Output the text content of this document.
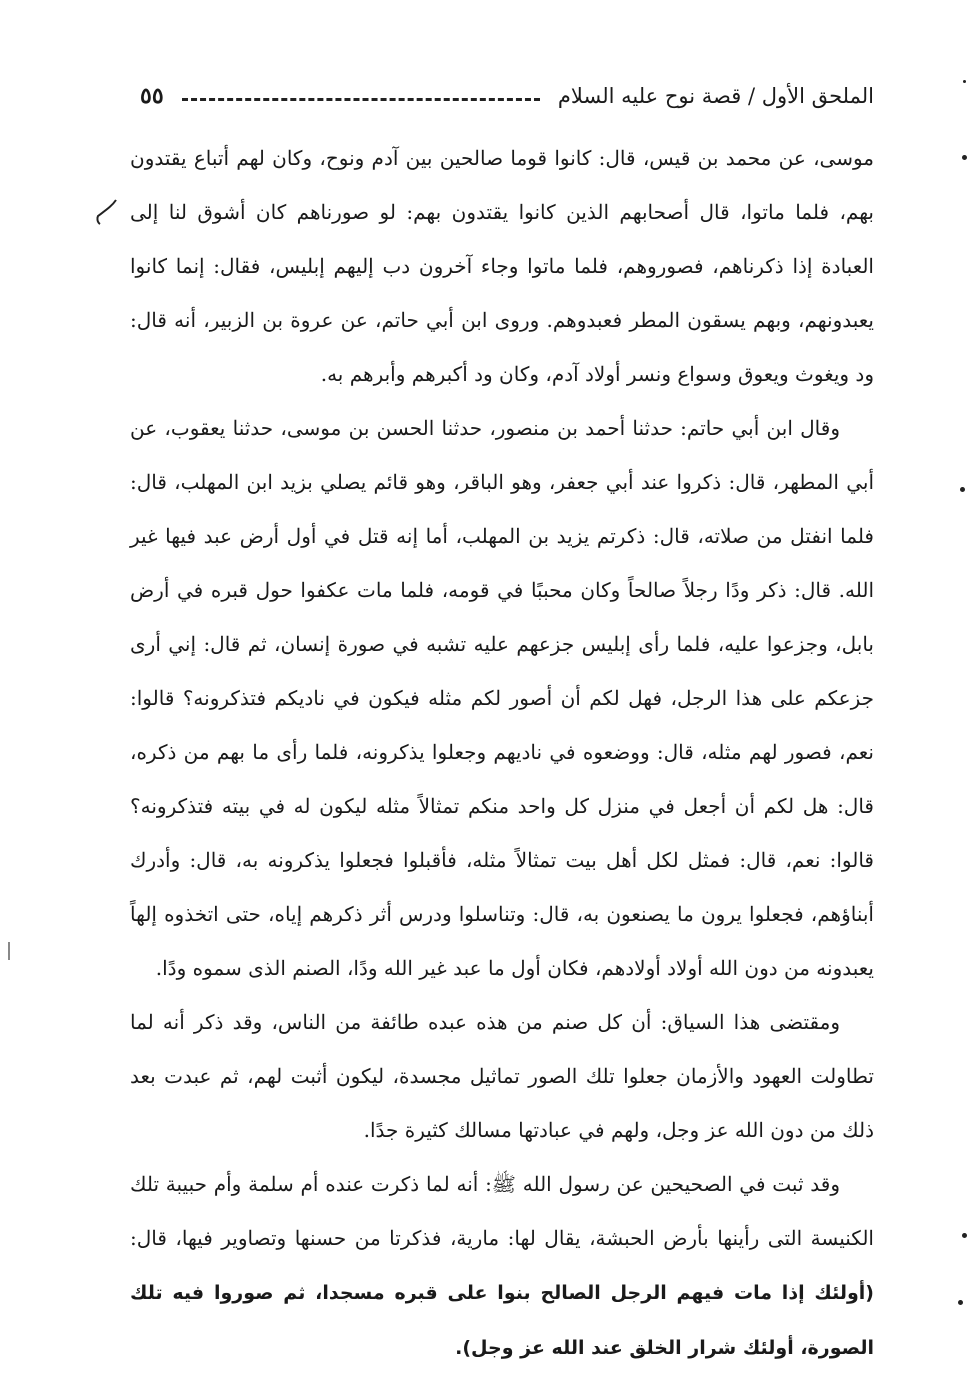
الملحق الأول / قصة نوح عليه السلام
٥٥

موسى، عن محمد بن قيس، قال: كانوا قوما صالحين بين آدم ونوح، وكان لهم أتباع يقتدون بهم، فلما ماتوا، قال أصحابهم الذين كانوا يقتدون بهم: لو صورناهم كان أشوق لنا إلى العبادة إذا ذكرناهم، فصوروهم، فلما ماتوا وجاء آخرون دب إليهم إبليس، فقال: إنما كانوا يعبدونهم، وبهم يسقون المطر فعبدوهم. وروى ابن أبي حاتم، عن عروة بن الزبير، أنه قال: ود ويغوث ويعوق وسواع ونسر أولاد آدم، وكان ود أكبرهم وأبرهم به.

وقال ابن أبي حاتم: حدثنا أحمد بن منصور، حدثنا الحسن بن موسى، حدثنا يعقوب، عن أبي المطهر، قال: ذكروا عند أبي جعفر، وهو الباقر، وهو قائم يصلي بزيد ابن المهلب، قال: فلما انفتل من صلاته، قال: ذكرتم يزيد بن المهلب، أما إنه قتل في أول أرض عبد فيها غير الله. قال: ذكر ودًا رجلاً صالحاً وكان محببًا في قومه، فلما مات عكفوا حول قبره في أرض بابل، وجزعوا عليه، فلما رأى إبليس جزعهم عليه تشبه في صورة إنسان، ثم قال: إني أرى جزعكم على هذا الرجل، فهل لكم أن أصور لكم مثله فيكون في ناديكم فتذكرونه؟ قالوا: نعم، فصور لهم مثله، قال: ووضعوه في ناديهم وجعلوا يذكرونه، فلما رأى ما بهم من ذكره، قال: هل لكم أن أجعل في منزل كل واحد منكم تمثالاً مثله ليكون له في بيته فتذكرونه؟ قالوا: نعم، قال: فمثل لكل أهل بيت تمثالاً مثله، فأقبلوا فجعلوا يذكرونه به، قال: وأدرك أبناؤهم، فجعلوا يرون ما يصنعون به، قال: وتناسلوا ودرس أثر ذكرهم إياه، حتى اتخذوه إلهاً يعبدونه من دون الله أولاد أولادهم، فكان أول ما عبد غير الله ودًا، الصنم الذى سموه ودًا.

ومقتضى هذا السياق: أن كل صنم من هذه عبده طائفة من الناس، وقد ذكر أنه لما تطاولت العهود والأزمان جعلوا تلك الصور تماثيل مجسدة، ليكون أثبت لهم، ثم عبدت بعد ذلك من دون الله عز وجل، ولهم في عبادتها مسالك كثيرة جدًا.

وقد ثبت في الصحيحين عن رسول الله ﷺ: أنه لما ذكرت عنده أم سلمة وأم حبيبة تلك الكنيسة التى رأينها بأرض الحبشة، يقال لها: مارية، فذكرتا من حسنها وتصاوير فيها، قال: (أولئك إذا مات فيهم الرجل الصالح بنوا على قبره مسجدا، ثم صوروا فيه تلك الصورة، أولئك شرار الخلق عند الله عز وجل).
